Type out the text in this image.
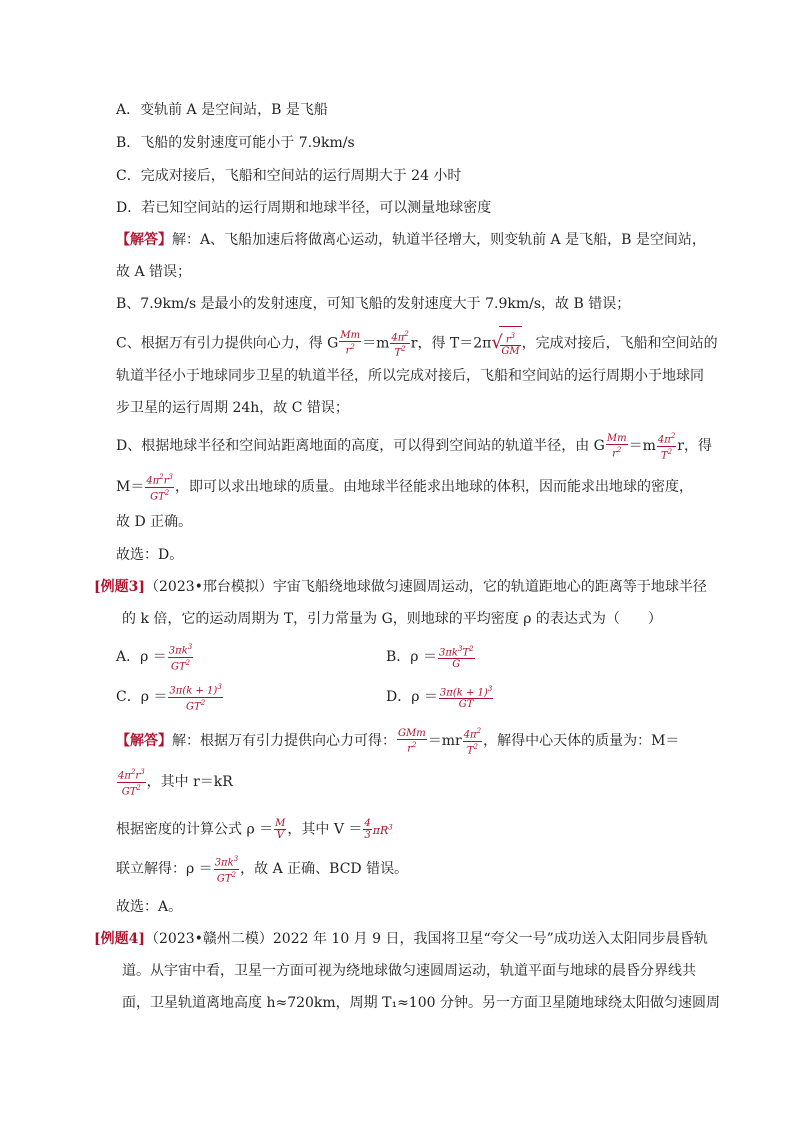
A．变轨前 A 是空间站，B 是飞船
B．飞船的发射速度可能小于 7.9km/s
C．完成对接后，飞船和空间站的运行周期大于 24 小时
D．若已知空间站的运行周期和地球半径，可以测量地球密度
【解答】解：A、飞船加速后将做离心运动，轨道半径增大，则变轨前 A 是飞船，B 是空间站，
故 A 错误；
B、7.9km/s 是最小的发射速度，可知飞船的发射速度大于 7.9km/s，故 B 错误；
C、根据万有引力提供向心力，得 G $\frac{Mm}{r^2} =m \frac{4\pi^2}{T^2}$ r，得 T＝2π √
$\frac{r^3}{GM}$ ，完成对接后，飞船和空间站的
轨道半径小于地球同步卫星的轨道半径，所以完成对接后，飞船和空间站的运行周期小于地球同
步卫星的运行周期 24h，故 C 错误；
D、根据地球半径和空间站距离地面的高度，可以得到空间站的轨道半径，由 G $\frac{Mm}{r^2} =m \frac{4\pi^2}{T^2}$ r，得
$M= \frac{4\pi^2r^3}{GT^2}$ ，即可以求出地球的质量。由地球半径能求出地球的体积，因而能求出地球的密度，
故 D 正确。
故选：D。
[例题3]（2023•邢台模拟）宇宙飞船绕地球做匀速圆周运动，它的轨道距地心的距离等于地球半径
的 k 倍，它的运动周期为 T，引力常量为 G，则地球的平均密度 ρ 的表达式为（　　）
A．$\rho = \frac{3\pi k^3}{GT^2}$	B．$\rho = \frac{3\pi k^3T^2}{G}$
C．$\rho = \frac{3\pi(k + 1)^3}{GT^2}$	D．$\rho = \frac{3\pi(k + 1)^3}{GT}$
【解答】解：根据万有引力提供向心力可得： GMm
$r^2 =mr \frac{4\pi^2}{T^2}$ ，解得中心天体的质量为：M＝
$\frac{4\pi^2r^3}{GT^2}$ ，其中 r＝kR
根据密度的计算公式 $\rho = \frac{M}{V}$ ，其中 $V = \frac{4}{3} \pi R^3$
联立解得：$\rho = \frac{3\pi k^3}{GT^2}$ ，故 A 正确、BCD 错误。
故选：A。
[例题4]（2023•赣州二模）2022 年 10 月 9 日，我国将卫星“夸父一号”成功送入太阳同步晨昏轨
道。从宇宙中看，卫星一方面可视为绕地球做匀速圆周运动，轨道平面与地球的晨昏分界线共
面，卫星轨道离地高度 h≈720km，周期 T₁≈100 分钟。另一方面卫星随地球绕太阳做匀速圆周
